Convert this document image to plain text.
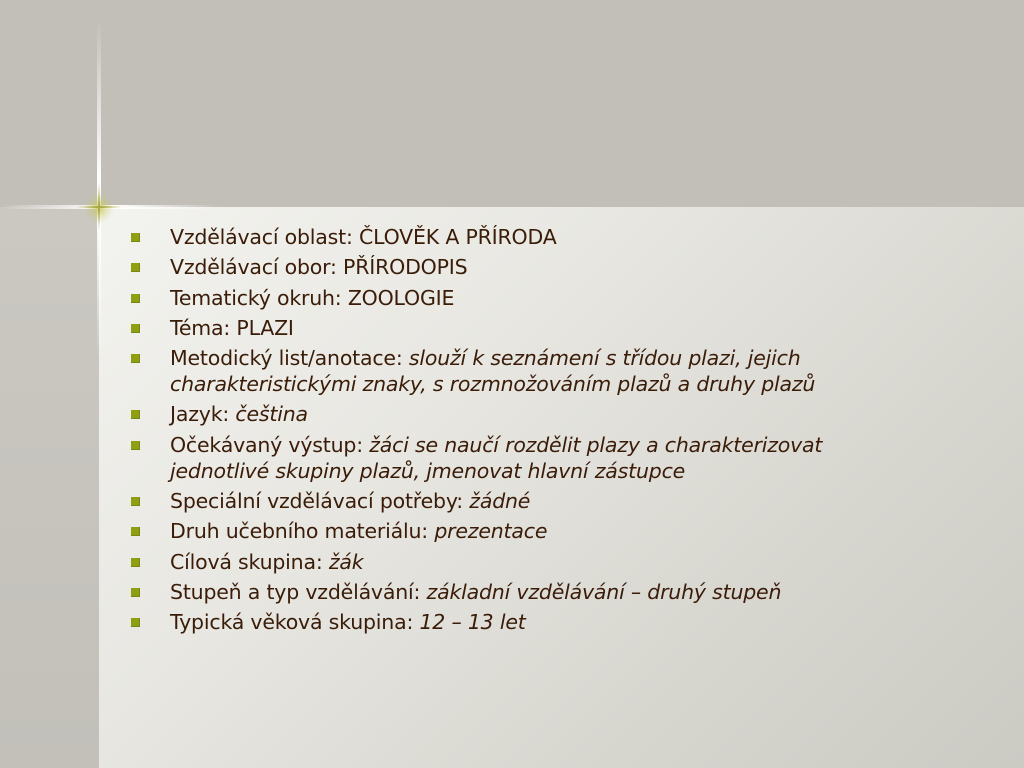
Vzdělávací oblast: ČLOVĚK A PŘÍRODA
Vzdělávací obor: PŘÍRODOPIS
Tematický okruh: ZOOLOGIE
Téma: PLAZI
Metodický list/anotace: slouží k seznámení s třídou plazi, jejich charakteristickými znaky, s rozmnožováním plazů a druhy plazů
Jazyk: čeština
Očekávaný výstup: žáci se naučí rozdělit plazy a charakterizovat jednotlivé skupiny plazů, jmenovat hlavní zástupce
Speciální vzdělávací potřeby: žádné
Druh učebního materiálu: prezentace
Cílová skupina: žák
Stupeň a typ vzdělávání: základní vzdělávání – druhý stupeň
Typická věková skupina: 12 – 13 let
